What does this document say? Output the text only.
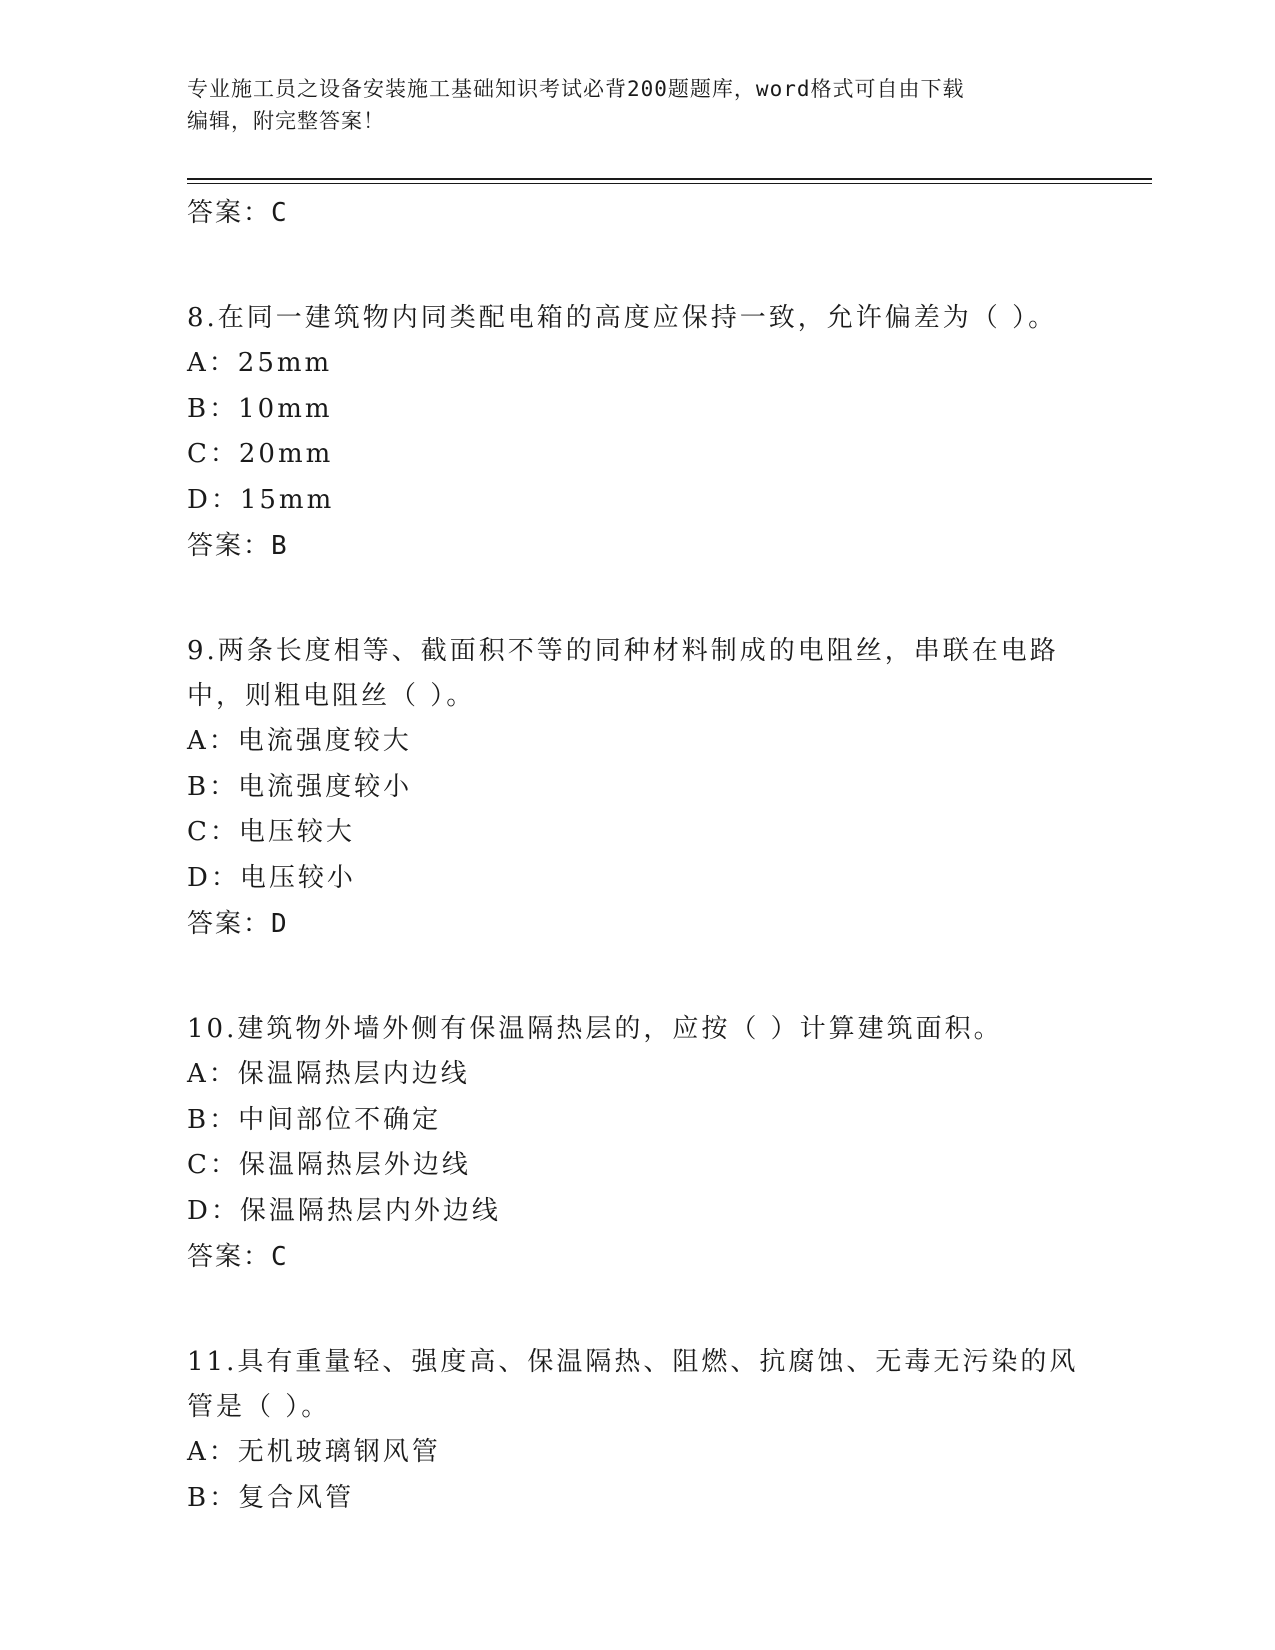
专业施工员之设备安装施工基础知识考试必背200题题库，word格式可自由下载
编辑，附完整答案！
答案：C
8.在同一建筑物内同类配电箱的高度应保持一致，允许偏差为（ ）。
A：25mm
B：10mm
C：20mm
D：15mm
答案：B
9.两条长度相等、截面积不等的同种材料制成的电阻丝，串联在电路
中，则粗电阻丝（ ）。
A：电流强度较大
B：电流强度较小
C：电压较大
D：电压较小
答案：D
10.建筑物外墙外侧有保温隔热层的，应按（ ）计算建筑面积。
A：保温隔热层内边线
B：中间部位不确定
C：保温隔热层外边线
D：保温隔热层内外边线
答案：C
11.具有重量轻、强度高、保温隔热、阻燃、抗腐蚀、无毒无污染的风
管是（ ）。
A：无机玻璃钢风管
B：复合风管
